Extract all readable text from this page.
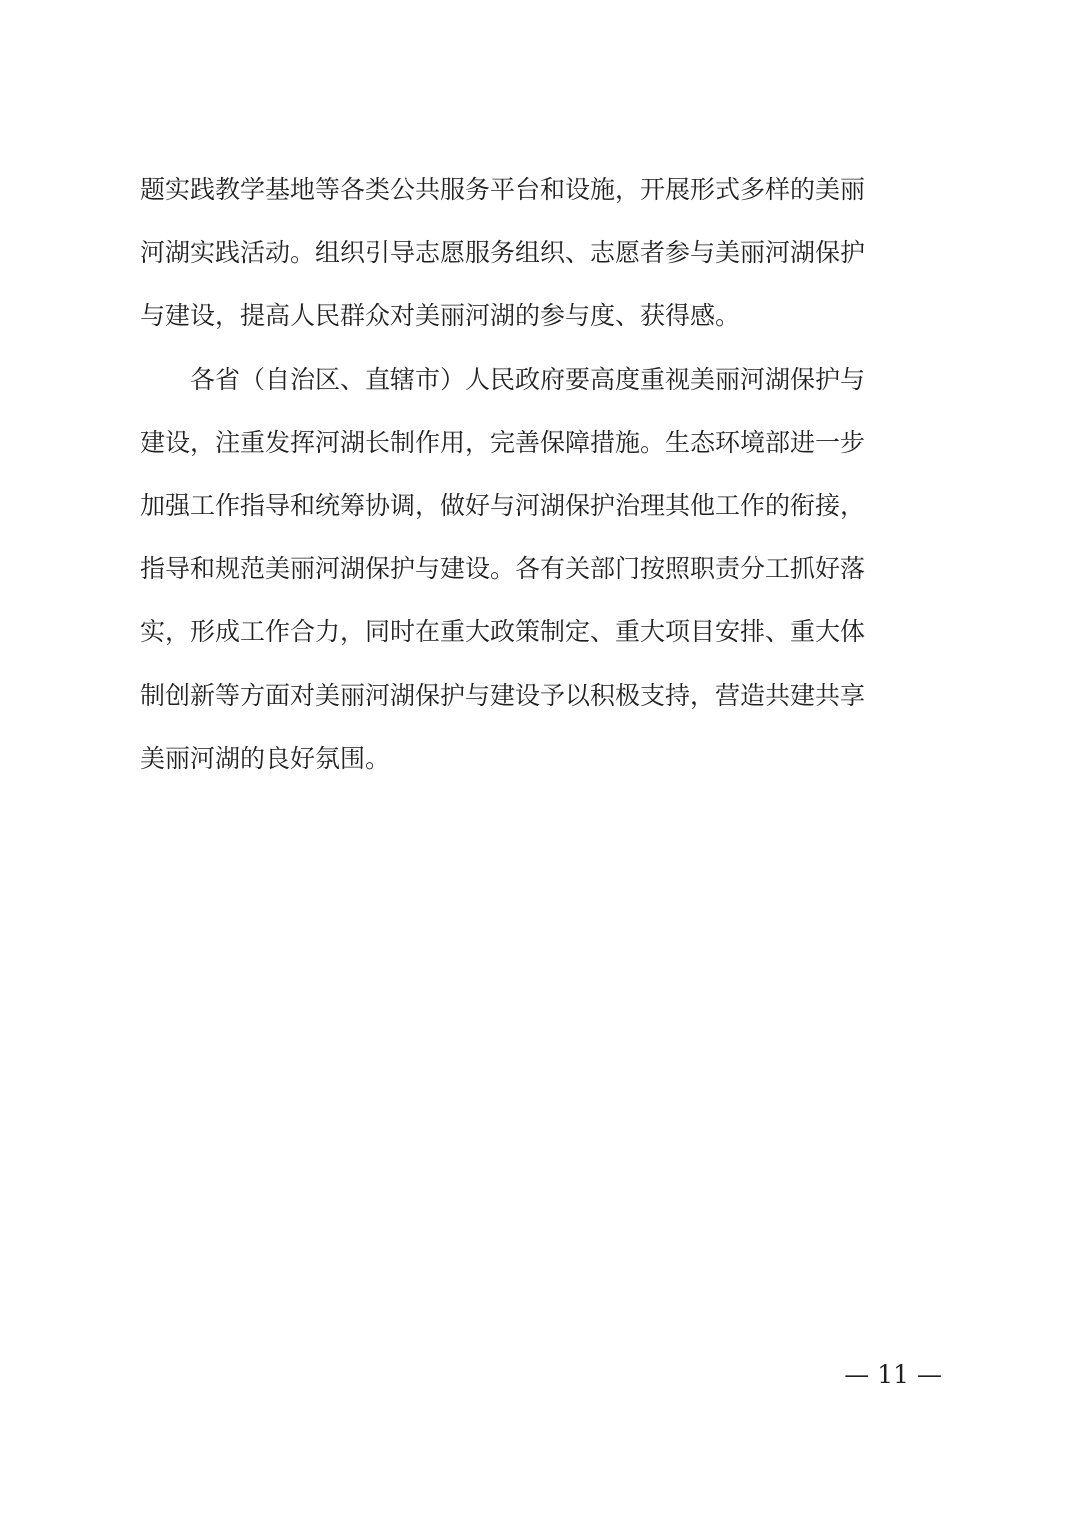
题实践教学基地等各类公共服务平台和设施，开展形式多样的美丽
河湖实践活动。组织引导志愿服务组织、志愿者参与美丽河湖保护
与建设，提高人民群众对美丽河湖的参与度、获得感。
　　各省（自治区、直辖市）人民政府要高度重视美丽河湖保护与
建设，注重发挥河湖长制作用，完善保障措施。生态环境部进一步
加强工作指导和统筹协调，做好与河湖保护治理其他工作的衔接，
指导和规范美丽河湖保护与建设。各有关部门按照职责分工抓好落
实，形成工作合力，同时在重大政策制定、重大项目安排、重大体
制创新等方面对美丽河湖保护与建设予以积极支持，营造共建共享
美丽河湖的良好氛围。
— 11 —
